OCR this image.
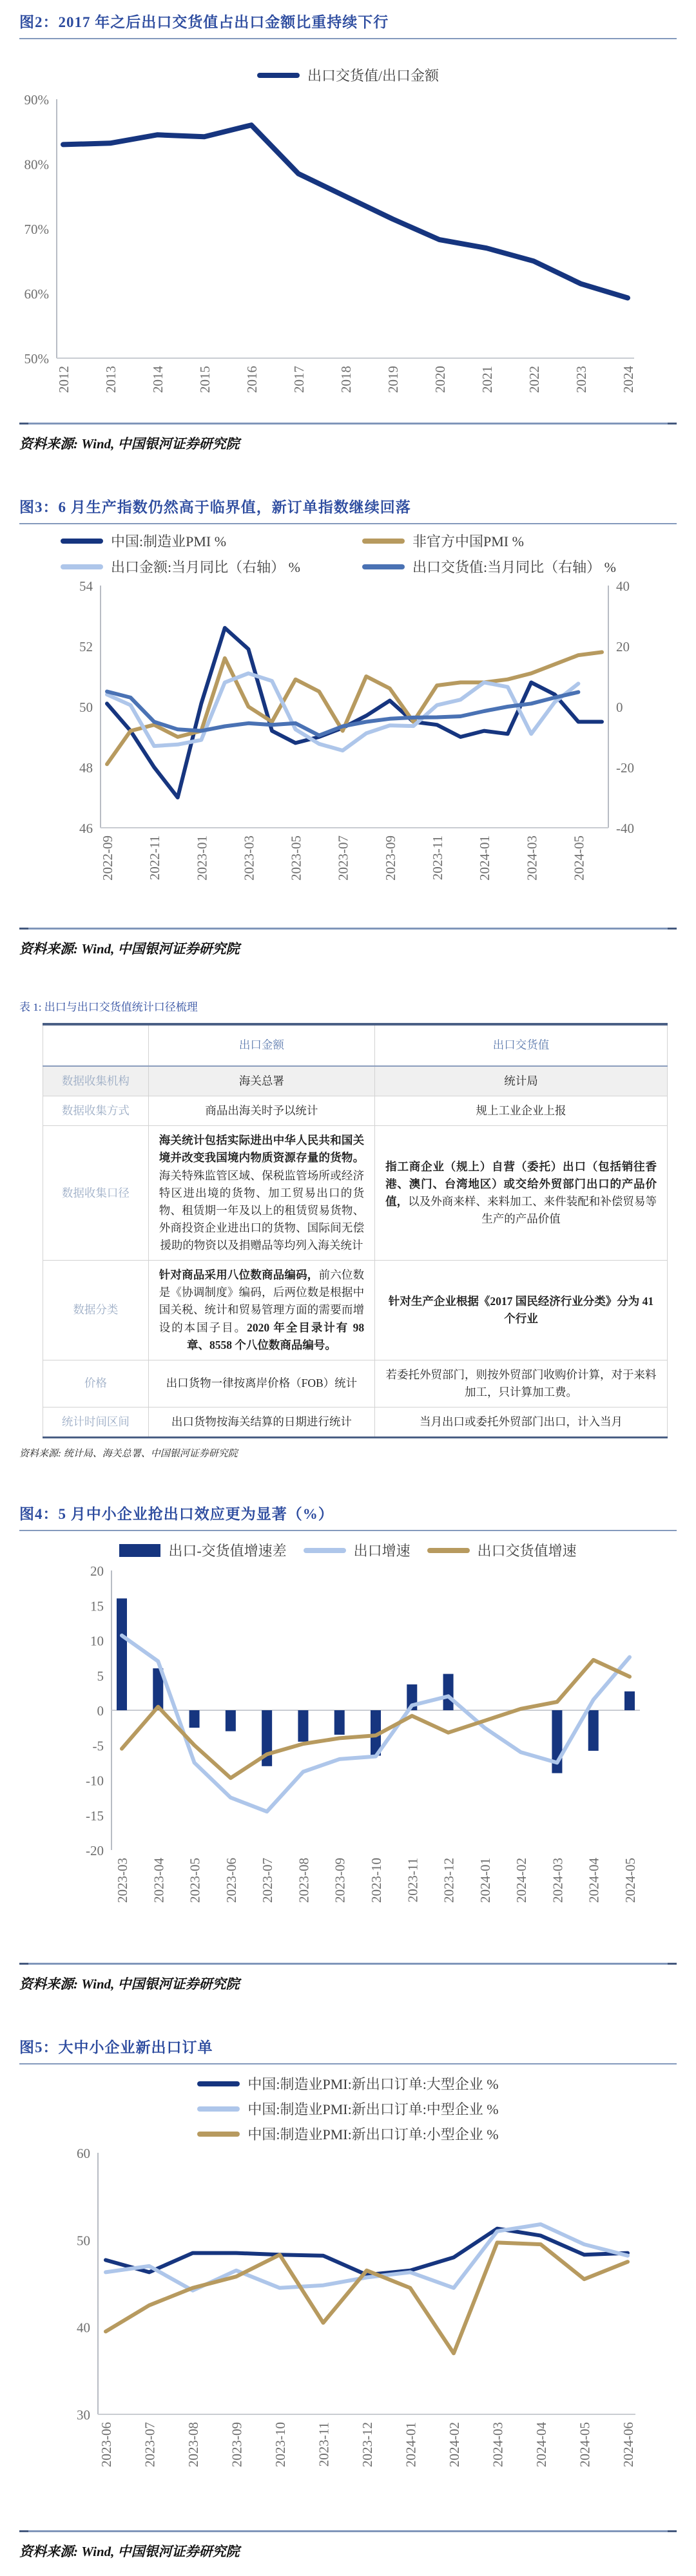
图2：2017 年之后出口交货值占出口金额比重持续下行
出口交货值/出口金额
90%
80%
70%
60%
50%
2012 2013 2014 2015 2016 2017 2018 2019 2020 2021 2022 2023 2024

资料来源: Wind, 中国银河证券研究院

图3：6 月生产指数仍然高于临界值，新订单指数继续回落
中国:制造业PMI %	非官方中国PMI %
出口金额:当月同比（右轴） %	出口交货值:当月同比（右轴） %
54
52
50
48
46
40
20
0
-20
-40
2022-09 2022-11 2023-01 2023-03 2023-05 2023-07 2023-09 2023-11 2024-01 2024-03 2024-05

资料来源: Wind, 中国银河证券研究院

表 1: 出口与出口交货值统计口径梳理
	出口金额	出口交货值
数据收集机构	海关总署	统计局
数据收集方式	商品出海关时予以统计	规上工业企业上报
数据收集口径	海关统计包括实际进出中华人民共和国关境并改变我国境内物质资源存量的货物。海关特殊监管区域、保税监管场所或经济特区进出境的货物、加工贸易出口的货物、租赁期一年及以上的租赁贸易货物、外商投资企业进出口的货物、国际间无偿援助的物资以及捐赠品等均列入海关统计	指工商企业（规上）自营（委托）出口（包括销往香港、澳门、台湾地区）或交给外贸部门出口的产品价值，以及外商来样、来料加工、来件装配和补偿贸易等生产的产品价值
数据分类	针对商品采用八位数商品编码，前六位数是《协调制度》编码，后两位数是根据中国关税、统计和贸易管理方面的需要而增设的本国子目。2020 年全目录计有 98 章、8558 个八位数商品编号。	针对生产企业根据《2017 国民经济行业分类》分为 41 个行业
价格	出口货物一律按离岸价格（FOB）统计	若委托外贸部门，则按外贸部门收购价计算，对于来料加工，只计算加工费。
统计时间区间	出口货物按海关结算的日期进行统计	当月出口或委托外贸部门出口，计入当月

资料来源: 统计局、海关总署、中国银河证券研究院

图4：5 月中小企业抢出口效应更为显著（%）
出口-交货值增速差	出口增速	出口交货值增速
20
15
10
5
0
-5
-10
-15
-20
2023-03 2023-04 2023-05 2023-06 2023-07 2023-08 2023-09 2023-10 2023-11 2023-12 2024-01 2024-02 2024-03 2024-04 2024-05

资料来源: Wind, 中国银河证券研究院

图5：大中小企业新出口订单
中国:制造业PMI:新出口订单:大型企业 %
中国:制造业PMI:新出口订单:中型企业 %
中国:制造业PMI:新出口订单:小型企业 %
60
50
40
30
2023-06 2023-07 2023-08 2023-09 2023-10 2023-11 2023-12 2024-01 2024-02 2024-03 2024-04 2024-05 2024-06

资料来源: Wind, 中国银河证券研究院
